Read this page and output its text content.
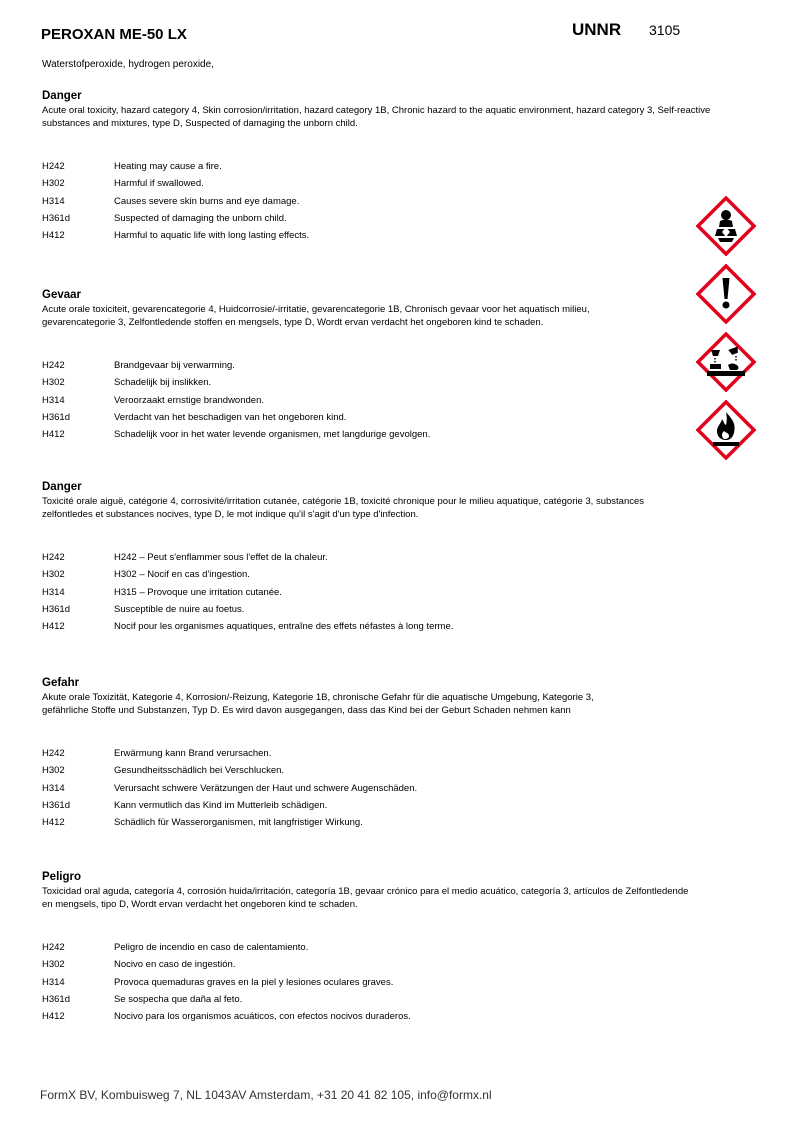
PEROXAN ME-50 LX	UNNR 3105
Waterstofperoxide, hydrogen peroxide,
Danger
Acute oral toxicity, hazard category 4, Skin corrosion/irritation, hazard category 1B, Chronic hazard to the aquatic environment, hazard category 3, Self-reactive substances and mixtures, type D, Suspected of damaging the unborn child.
H242	Heating may cause a fire.
H302	Harmful if swallowed.
H314	Causes severe skin burns and eye damage.
H361d	Suspected of damaging the unborn child.
H412	Harmful to aquatic life with long lasting effects.
Gevaar
Acute orale toxiciteit, gevarencategorie 4, Huidcorrosie/-irritatie, gevarencategorie 1B, Chronisch gevaar voor het aquatisch milieu, gevarencategorie 3, Zelfontledende stoffen en mengsels, type D, Wordt ervan verdacht het ongeboren kind te schaden.
H242	Brandgevaar bij verwarming.
H302	Schadelijk bij inslikken.
H314	Veroorzaakt ernstige brandwonden.
H361d	Verdacht van het beschadigen van het ongeboren kind.
H412	Schadelijk voor in het water levende organismen, met langdurige gevolgen.
Danger
Toxicité orale aiguë, catégorie 4, corrosivité/irritation cutanée, catégorie 1B, toxicité chronique pour le milieu aquatique, catégorie 3, substances zelfontledes et substances nocives, type D, le mot indique qu'il s'agit d'un type d'infection.
H242	H242 – Peut s'enflammer sous l'effet de la chaleur.
H302	H302 – Nocif en cas d'ingestion.
H314	H315 – Provoque une irritation cutanée.
H361d	Susceptible de nuire au foetus.
H412	Nocif pour les organismes aquatiques, entraîne des effets néfastes à long terme.
Gefahr
Akute orale Toxizität, Kategorie 4, Korrosion/-Reizung, Kategorie 1B, chronische Gefahr für die aquatische Umgebung, Kategorie 3, gefährliche Stoffe und Substanzen, Typ D. Es wird davon ausgegangen, dass das Kind bei der Geburt Schaden nehmen kann
H242	Erwärmung kann Brand verursachen.
H302	Gesundheitsschädlich bei Verschlucken.
H314	Verursacht schwere Verätzungen der Haut und schwere Augenschäden.
H361d	Kann vermutlich das Kind im Mutterleib schädigen.
H412	Schädlich für Wasserorganismen, mit langfristiger Wirkung.
Peligro
Toxicidad oral aguda, categoría 4, corrosión huida/irritación, categoría 1B, gevaar crónico para el medio acuático, categoría 3, artículos de Zelfontledende en mengsels, tipo D, Wordt ervan verdacht het ongeboren kind te schaden.
H242	Peligro de incendio en caso de calentamiento.
H302	Nocivo en caso de ingestión.
H314	Provoca quemaduras graves en la piel y lesiones oculares graves.
H361d	Se sospecha que daña al feto.
H412	Nocivo para los organismos acuáticos, con efectos nocivos duraderos.
FormX BV, Kombuisweg 7, NL 1043AV Amsterdam, +31 20 41 82 105, info@formx.nl
